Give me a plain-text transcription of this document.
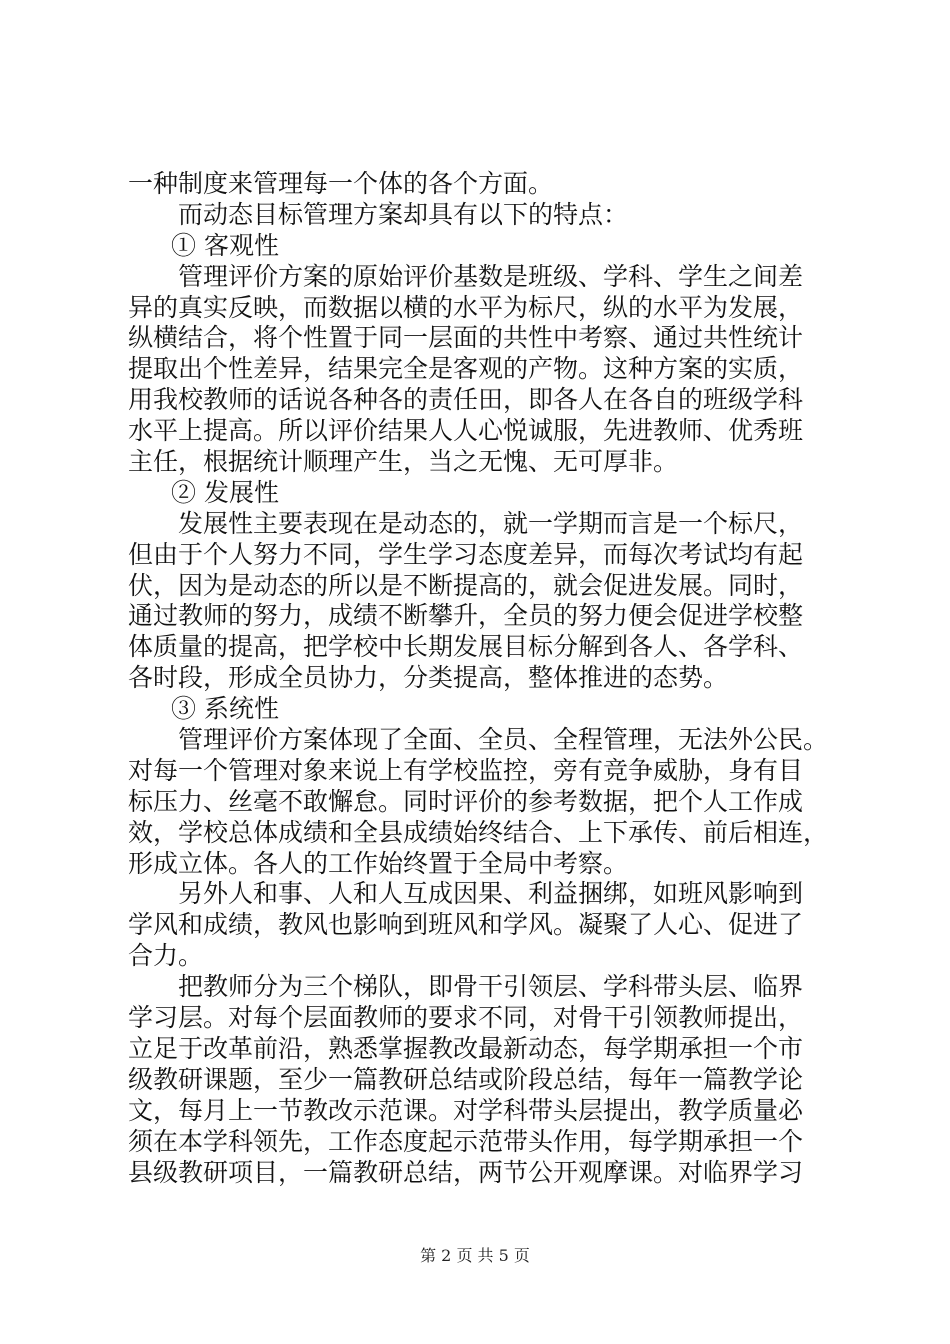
一种制度来管理每一个体的各个方面。
而动态目标管理方案却具有以下的特点：
① 客观性
管理评价方案的原始评价基数是班级、学科、学生之间差
异的真实反映，而数据以横的水平为标尺，纵的水平为发展，
纵横结合，将个性置于同一层面的共性中考察、通过共性统计
提取出个性差异，结果完全是客观的产物。这种方案的实质，
用我校教师的话说各种各的责任田，即各人在各自的班级学科
水平上提高。所以评价结果人人心悦诚服，先进教师、优秀班
主任，根据统计顺理产生，当之无愧、无可厚非。
② 发展性
发展性主要表现在是动态的，就一学期而言是一个标尺，
但由于个人努力不同，学生学习态度差异，而每次考试均有起
伏，因为是动态的所以是不断提高的，就会促进发展。同时，
通过教师的努力，成绩不断攀升，全员的努力便会促进学校整
体质量的提高，把学校中长期发展目标分解到各人、各学科、
各时段，形成全员协力，分类提高，整体推进的态势。
③ 系统性
管理评价方案体现了全面、全员、全程管理，无法外公民。
对每一个管理对象来说上有学校监控，旁有竞争威胁，身有目
标压力、丝毫不敢懈怠。同时评价的参考数据，把个人工作成
效，学校总体成绩和全县成绩始终结合、上下承传、前后相连，
形成立体。各人的工作始终置于全局中考察。
另外人和事、人和人互成因果、利益捆绑，如班风影响到
学风和成绩，教风也影响到班风和学风。凝聚了人心、促进了
合力。
把教师分为三个梯队，即骨干引领层、学科带头层、临界
学习层。对每个层面教师的要求不同，对骨干引领教师提出，
立足于改革前沿，熟悉掌握教改最新动态，每学期承担一个市
级教研课题，至少一篇教研总结或阶段总结，每年一篇教学论
文，每月上一节教改示范课。对学科带头层提出，教学质量必
须在本学科领先，工作态度起示范带头作用，每学期承担一个
县级教研项目，一篇教研总结，两节公开观摩课。对临界学习
第 2 页 共 5 页
